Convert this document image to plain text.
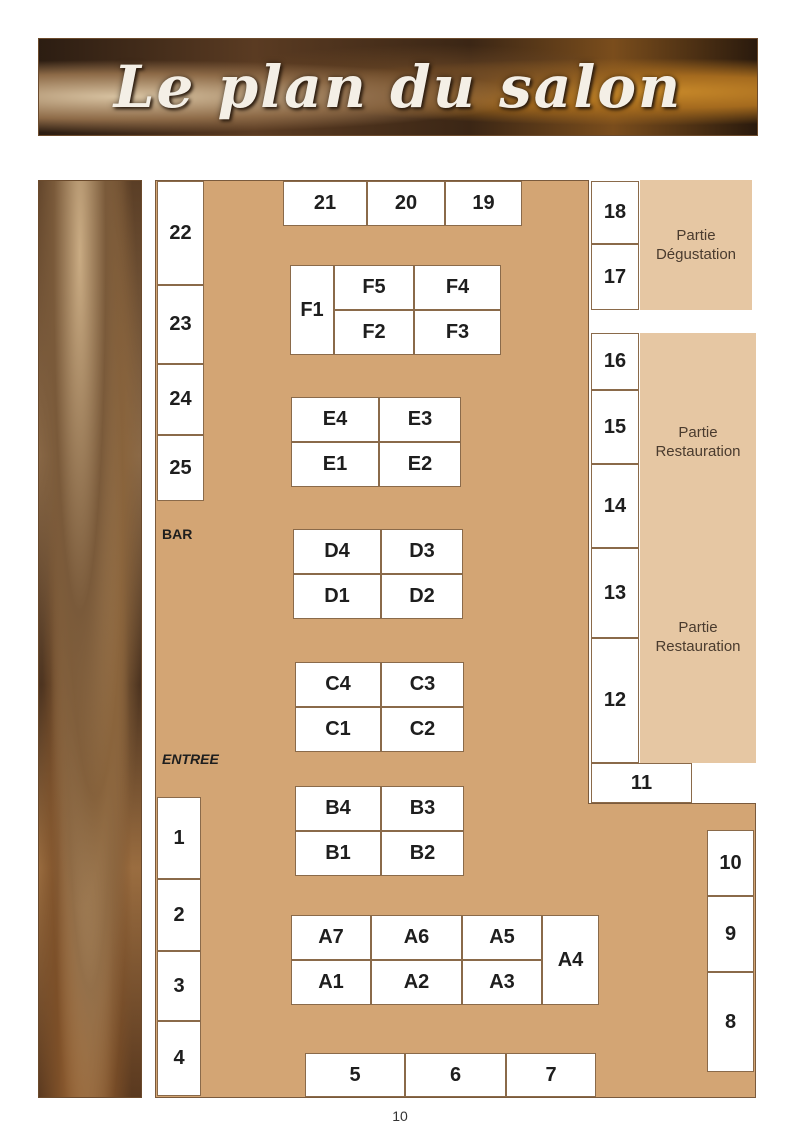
Le plan du salon
Partie
Dégustation
Partie
Restauration
Partie
Restauration
BAR
ENTREE
22
23
24
25
21	20	19
F1
F5	F4
F2	F3
E4	E3
E1	E2
D4	D3
D1	D2
C4	C3
C1	C2
B4	B3
B1	B2
A7	A6	A5
A1	A2	A3
A4
1
2
3
4
5	6	7
18
17
16
15
14
13
12
11
10
9
8
10
